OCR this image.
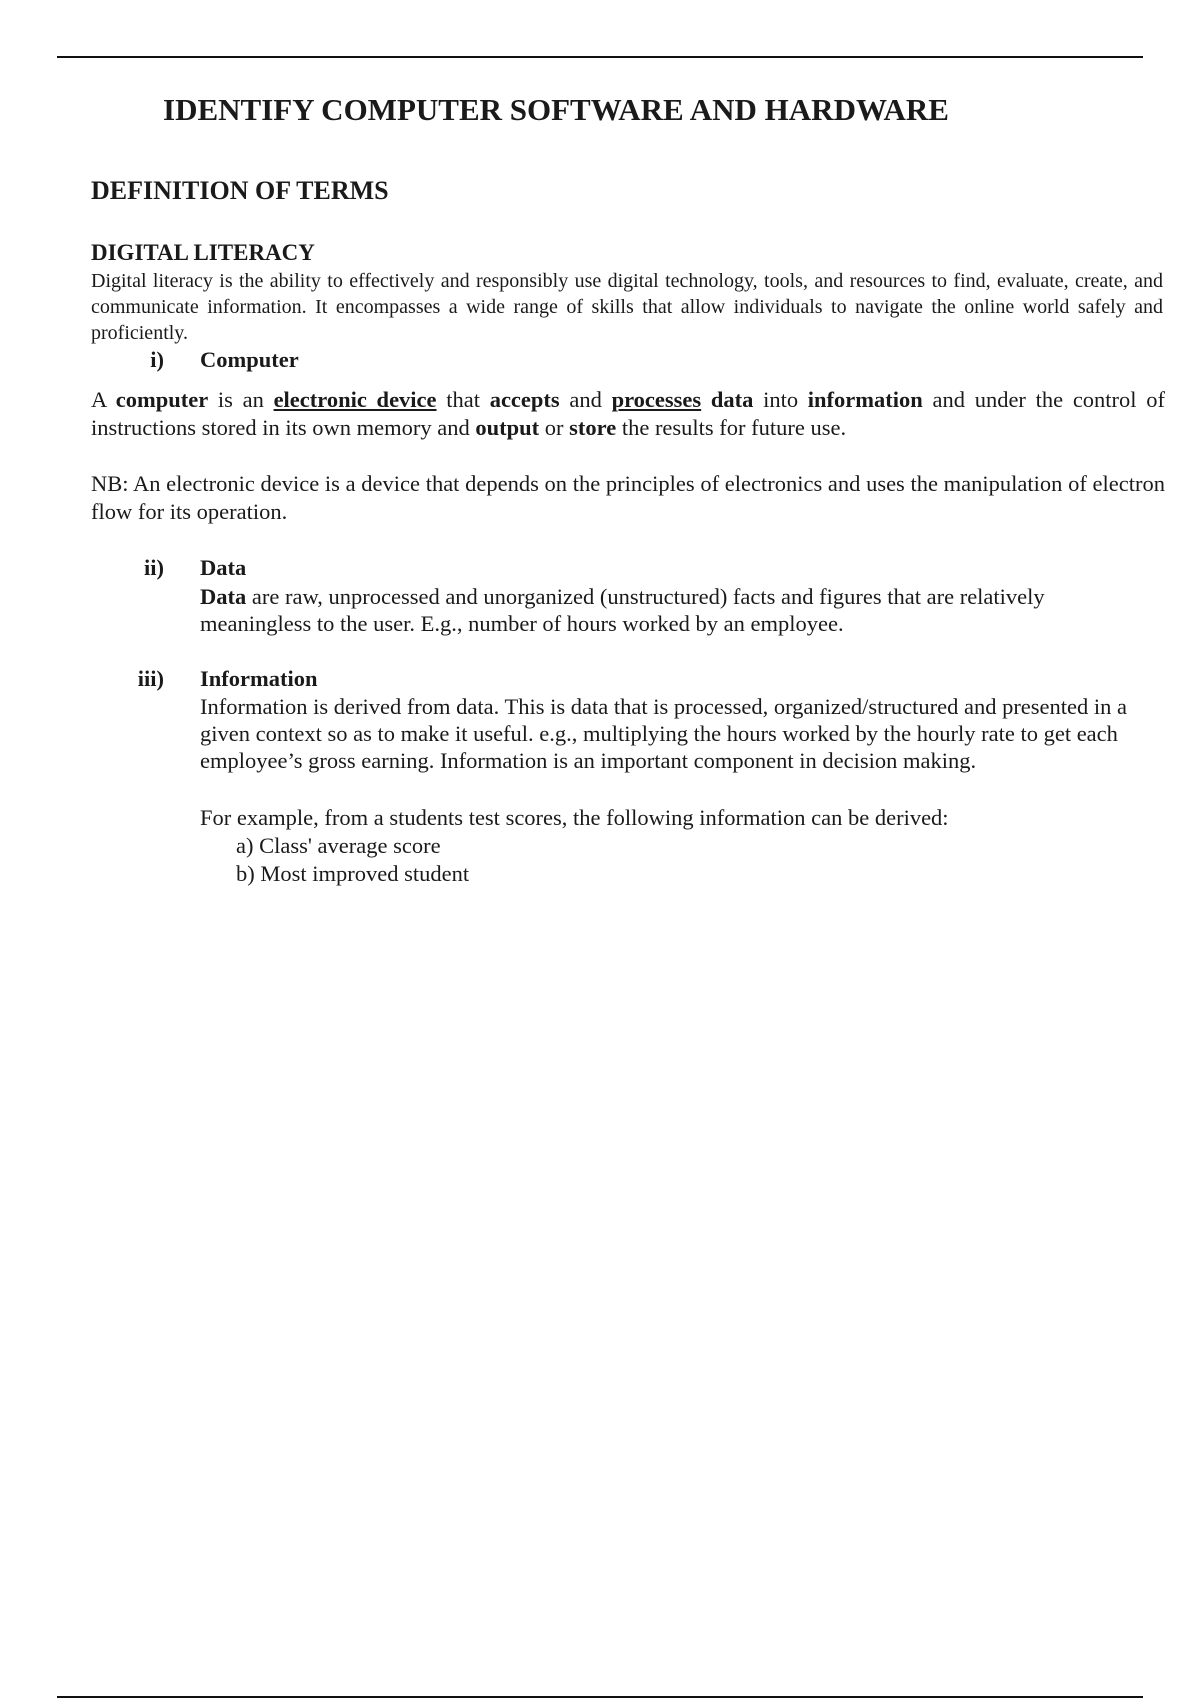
IDENTIFY COMPUTER SOFTWARE AND HARDWARE
DEFINITION OF TERMS
DIGITAL LITERACY
Digital literacy is the ability to effectively and responsibly use digital technology, tools, and resources to find, evaluate, create, and communicate information. It encompasses a wide range of skills that allow individuals to navigate the online world safely and proficiently.
i) Computer
A computer is an electronic device that accepts and processes data into information and under the control of instructions stored in its own memory and output or store the results for future use.
NB: An electronic device is a device that depends on the principles of electronics and uses the manipulation of electron flow for its operation.
ii) Data
Data are raw, unprocessed and unorganized (unstructured) facts and figures that are relatively meaningless to the user. E.g., number of hours worked by an employee.
iii) Information
Information is derived from data. This is data that is processed, organized/structured and presented in a given context so as to make it useful. e.g., multiplying the hours worked by the hourly rate to get each employee’s gross earning. Information is an important component in decision making.
For example, from a students test scores, the following information can be derived:
a) Class' average score
b) Most improved student
